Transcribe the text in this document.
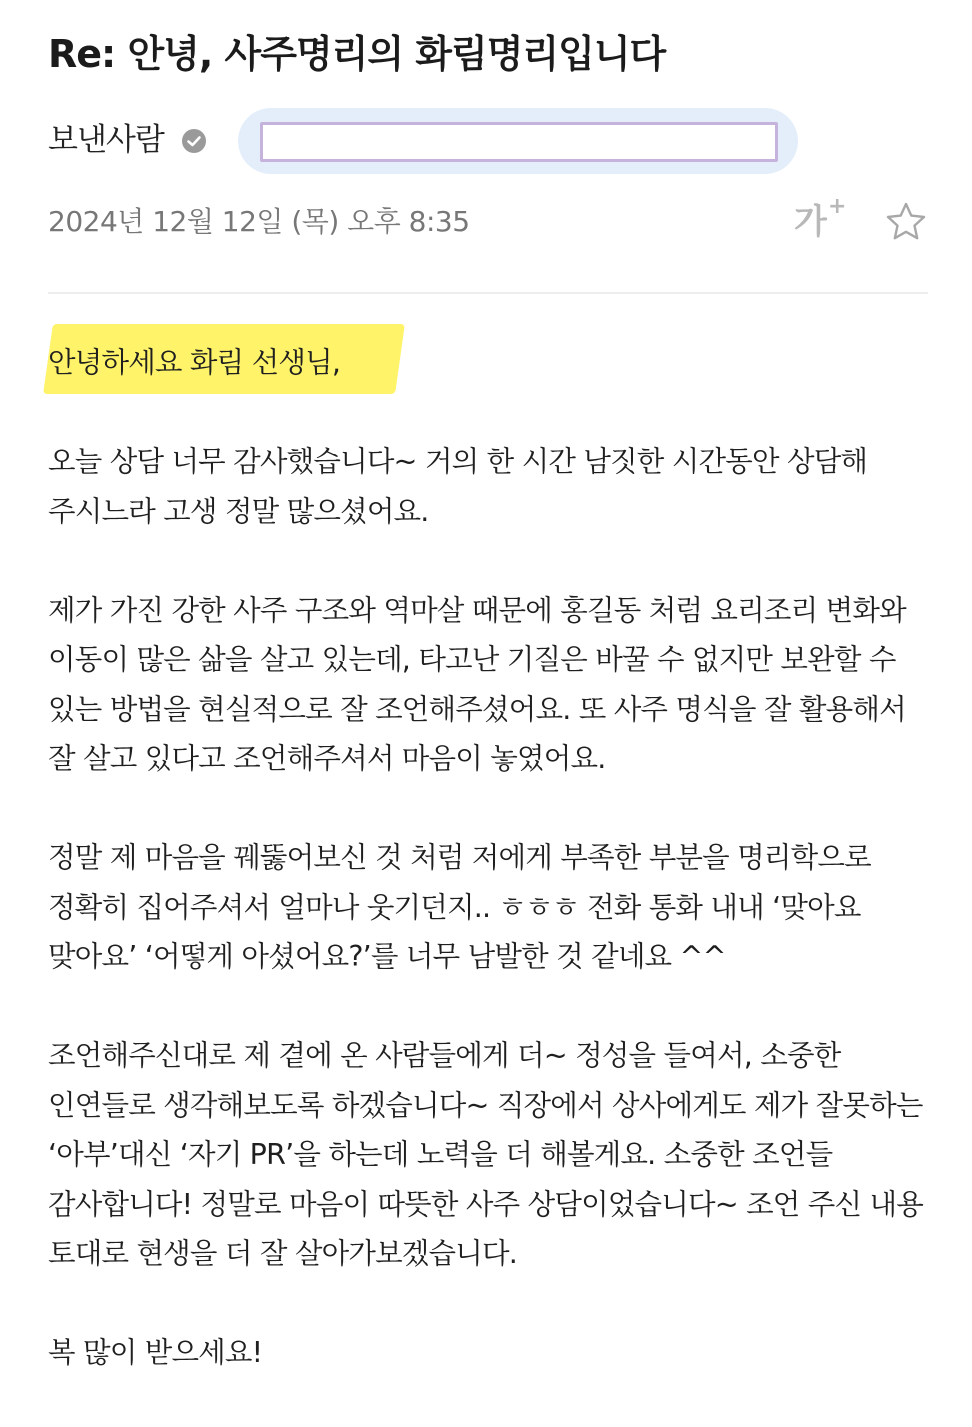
Re: 안녕, 사주명리의 화림명리입니다
보낸사람
2024년 12월 12일 (목) 오후 8:35	가 +

안녕하세요 화림 선생님,

오늘 상담 너무 감사했습니다~ 거의 한 시간 남짓한 시간동안 상담해 주시느라 고생 정말 많으셨어요.

제가 가진 강한 사주 구조와 역마살 때문에 홍길동 처럼 요리조리 변화와 이동이 많은 삶을 살고 있는데, 타고난 기질은 바꿀 수 없지만 보완할 수 있는 방법을 현실적으로 잘 조언해주셨어요. 또 사주 명식을 잘 활용해서 잘 살고 있다고 조언해주셔서 마음이 놓였어요.

정말 제 마음을 꿰뚫어보신 것 처럼 저에게 부족한 부분을 명리학으로 정확히 집어주셔서 얼마나 웃기던지.. ㅎㅎㅎ 전화 통화 내내 ‘맞아요 맞아요’ ‘어떻게 아셨어요?’를 너무 남발한 것 같네요 ^^

조언해주신대로 제 곁에 온 사람들에게 더~ 정성을 들여서, 소중한 인연들로 생각해보도록 하겠습니다~ 직장에서 상사에게도 제가 잘못하는 ‘아부’대신 ‘자기 PR’을 하는데 노력을 더 해볼게요. 소중한 조언들 감사합니다! 정말로 마음이 따뜻한 사주 상담이었습니다~ 조언 주신 내용 토대로 현생을 더 잘 살아가보겠습니다.

복 많이 받으세요!
